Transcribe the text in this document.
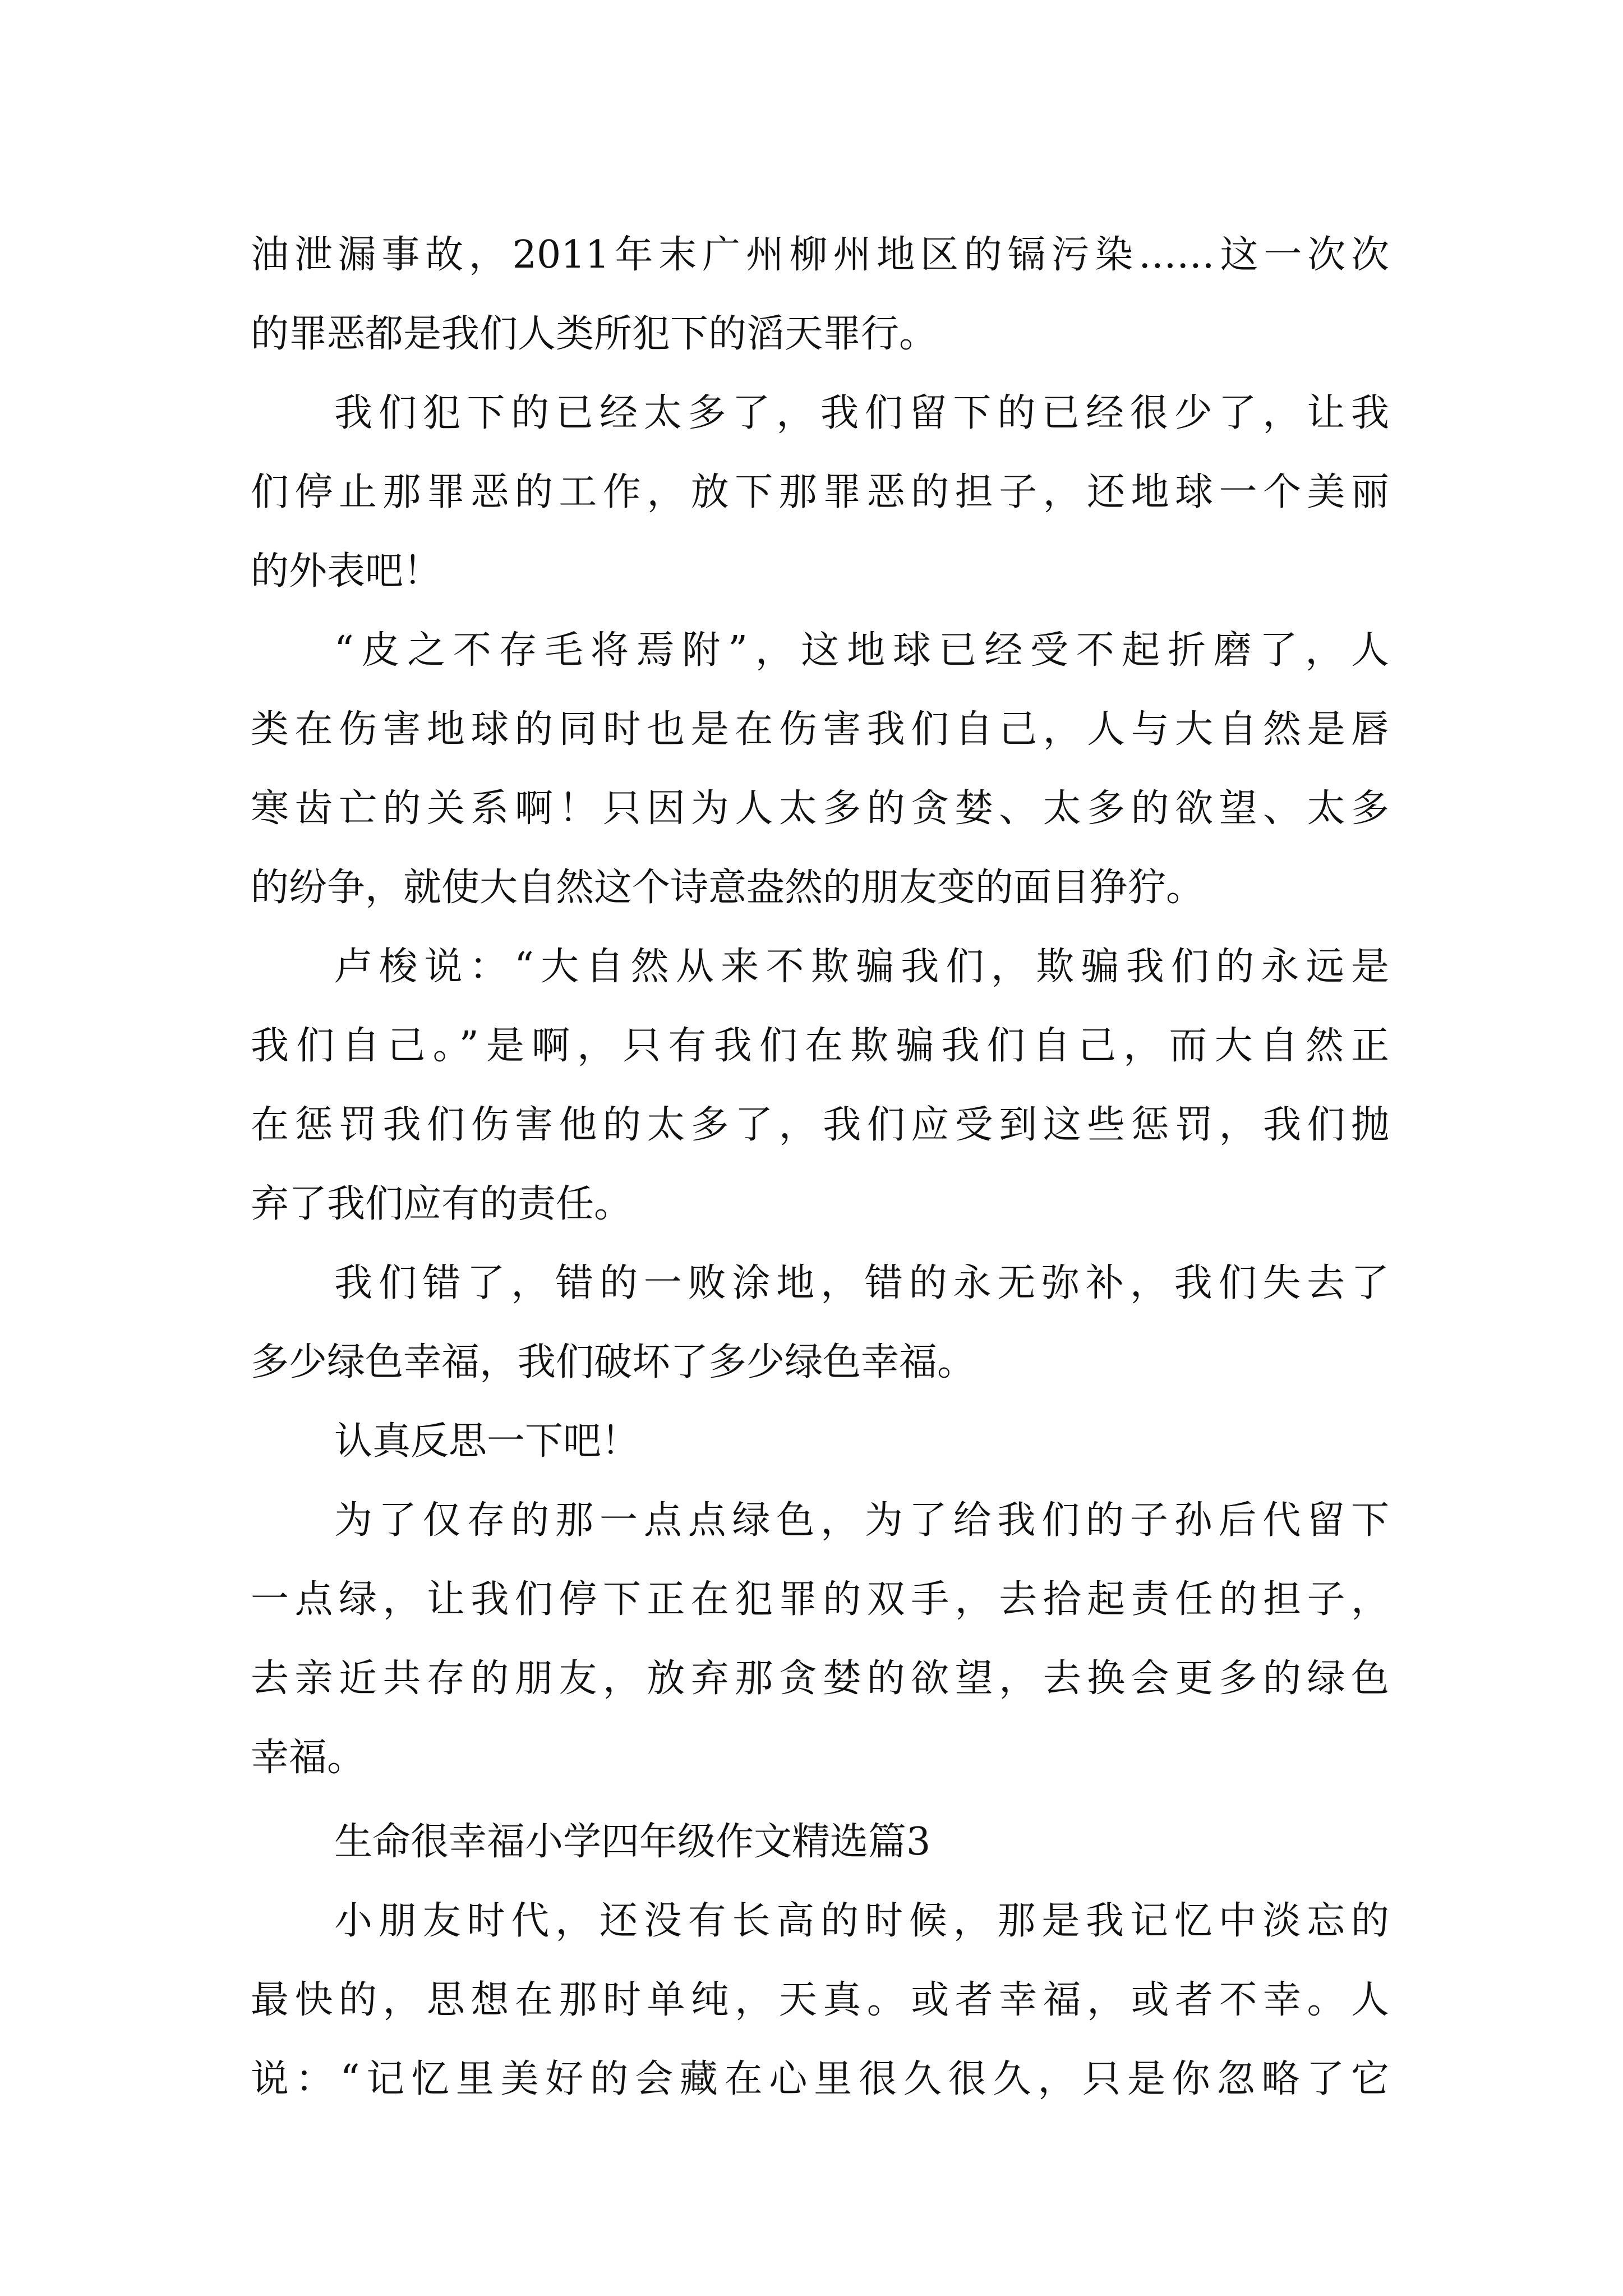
油泄漏事故，2011年末广州柳州地区的镉污染……这一次次
的罪恶都是我们人类所犯下的滔天罪行。
我们犯下的已经太多了，我们留下的已经很少了，让我
们停止那罪恶的工作，放下那罪恶的担子，还地球一个美丽
的外表吧！
“皮之不存毛将焉附”，这地球已经受不起折磨了，人
类在伤害地球的同时也是在伤害我们自己，人与大自然是唇
寒齿亡的关系啊！只因为人太多的贪婪、太多的欲望、太多
的纷争，就使大自然这个诗意盎然的朋友变的面目狰狞。
卢梭说：“大自然从来不欺骗我们，欺骗我们的永远是
我们自己。”是啊，只有我们在欺骗我们自己，而大自然正
在惩罚我们伤害他的太多了，我们应受到这些惩罚，我们抛
弃了我们应有的责任。
我们错了，错的一败涂地，错的永无弥补，我们失去了
多少绿色幸福，我们破坏了多少绿色幸福。
认真反思一下吧！
为了仅存的那一点点绿色，为了给我们的子孙后代留下
一点绿，让我们停下正在犯罪的双手，去拾起责任的担子，
去亲近共存的朋友，放弃那贪婪的欲望，去换会更多的绿色
幸福。
生命很幸福小学四年级作文精选篇3
小朋友时代，还没有长高的时候，那是我记忆中淡忘的
最快的，思想在那时单纯，天真。或者幸福，或者不幸。人
说：“记忆里美好的会藏在心里很久很久，只是你忽略了它
